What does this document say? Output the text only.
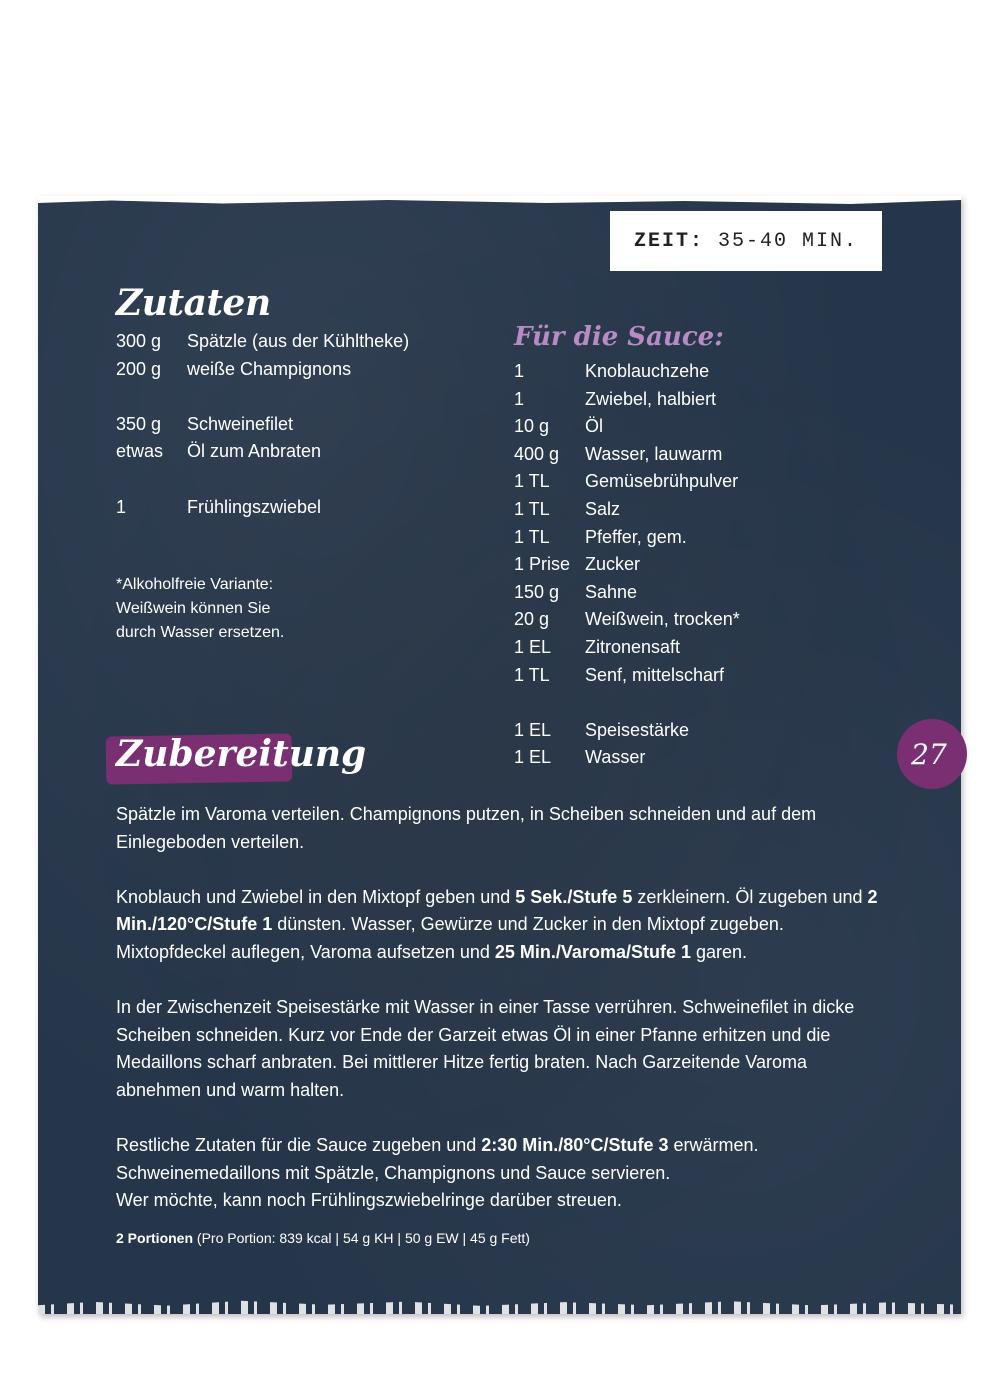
ZEIT: 35-40 MIN.
Zutaten
300 g	Spätzle (aus der Kühltheke)
200 g	weiße Champignons
350 g	Schweinefilet
etwas	Öl zum Anbraten
1	Frühlingszwiebel
*Alkoholfreie Variante:
Weißwein können Sie
durch Wasser ersetzen.
Für die Sauce:
1	Knoblauchzehe
1	Zwiebel, halbiert
10 g	Öl
400 g	Wasser, lauwarm
1 TL	Gemüsebrühpulver
1 TL	Salz
1 TL	Pfeffer, gem.
1 Prise Zucker
150 g	Sahne
20 g	Weißwein, trocken*
1 EL	Zitronensaft
1 TL	Senf, mittelscharf
1 EL	Speisestärke
1 EL	Wasser
Zubereitung	27

Spätzle im Varoma verteilen. Champignons putzen, in Scheiben schneiden und auf dem Einlegeboden verteilen.

Knoblauch und Zwiebel in den Mixtopf geben und 5 Sek./Stufe 5 zerkleinern. Öl zugeben und 2 Min./120°C/Stufe 1 dünsten. Wasser, Gewürze und Zucker in den Mixtopf zugeben. Mixtopfdeckel auflegen, Varoma aufsetzen und 25 Min./Varoma/Stufe 1 garen.

In der Zwischenzeit Speisestärke mit Wasser in einer Tasse verrühren. Schweinefilet in dicke Scheiben schneiden. Kurz vor Ende der Garzeit etwas Öl in einer Pfanne erhitzen und die Medaillons scharf anbraten. Bei mittlerer Hitze fertig braten. Nach Garzeitende Varoma abnehmen und warm halten.

Restliche Zutaten für die Sauce zugeben und 2:30 Min./80°C/Stufe 3 erwärmen.
Schweinemedaillons mit Spätzle, Champignons und Sauce servieren.
Wer möchte, kann noch Frühlingszwiebelringe darüber streuen.

2 Portionen (Pro Portion: 839 kcal | 54 g KH | 50 g EW | 45 g Fett)
